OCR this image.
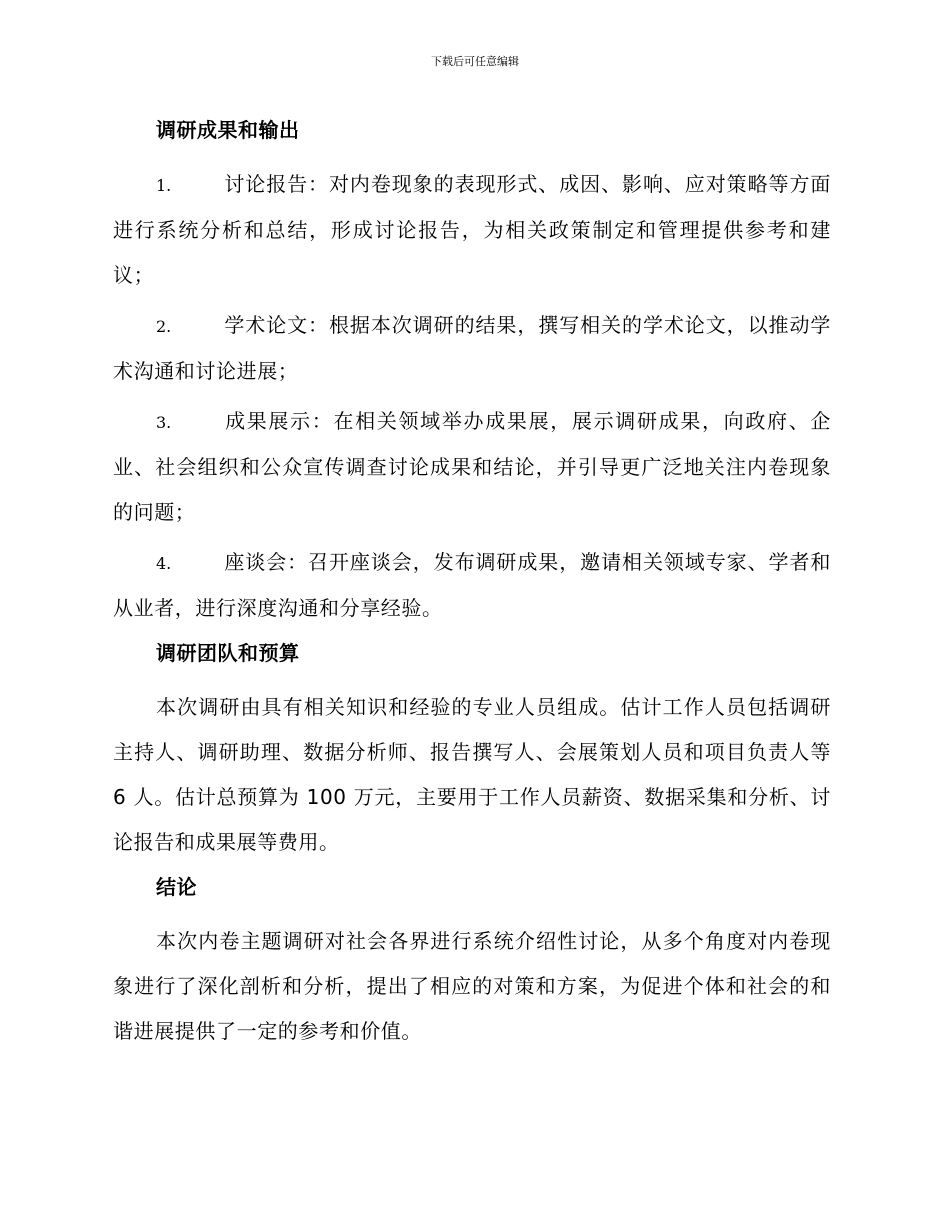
下载后可任意编辑
调研成果和输出
1.	讨论报告：对内卷现象的表现形式、成因、影响、应对策略等方面进行系统分析和总结，形成讨论报告，为相关政策制定和管理提供参考和建议；
2.	学术论文：根据本次调研的结果，撰写相关的学术论文，以推动学术沟通和讨论进展；
3.	成果展示：在相关领域举办成果展，展示调研成果，向政府、企业、社会组织和公众宣传调查讨论成果和结论，并引导更广泛地关注内卷现象的问题；
4.	座谈会：召开座谈会，发布调研成果，邀请相关领域专家、学者和从业者，进行深度沟通和分享经验。
调研团队和预算
本次调研由具有相关知识和经验的专业人员组成。估计工作人员包括调研主持人、调研助理、数据分析师、报告撰写人、会展策划人员和项目负责人等 6 人。估计总预算为 100 万元，主要用于工作人员薪资、数据采集和分析、讨论报告和成果展等费用。
结论
本次内卷主题调研对社会各界进行系统介绍性讨论，从多个角度对内卷现象进行了深化剖析和分析，提出了相应的对策和方案，为促进个体和社会的和谐进展提供了一定的参考和价值。
